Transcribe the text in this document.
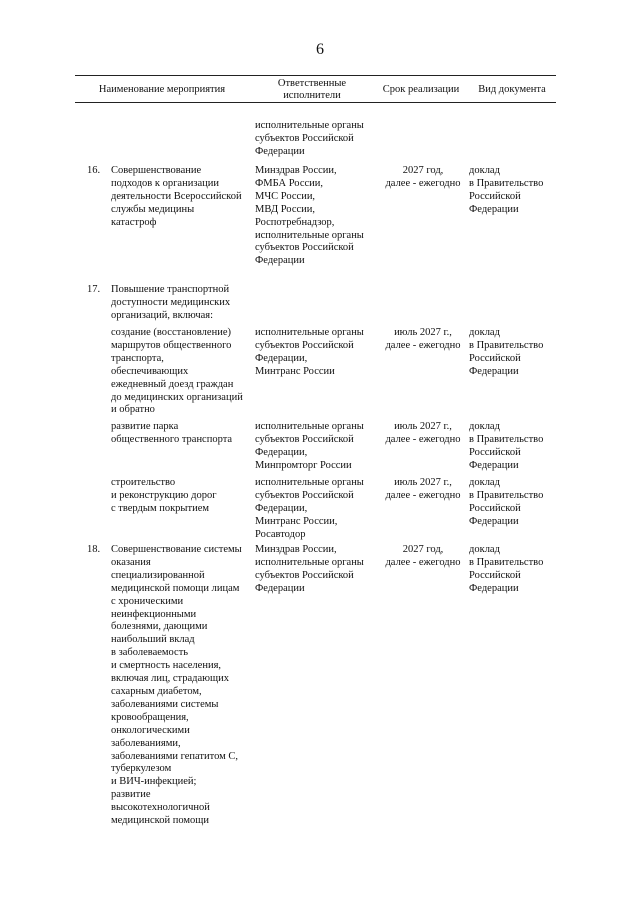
6
Наименование мероприятия
Ответственные
исполнители
Срок реализации	Вид документа
исполнительные органы
субъектов Российской
Федерации
16. Совершенствование
подходов к организации
деятельности Всероссийской
службы медицины
катастроф
Минздрав России,
ФМБА России,
МЧС России,
МВД России,
Роспотребнадзор,
исполнительные органы
субъектов Российской
Федерации
2027 год,
далее - ежегодно
доклад
в Правительство
Российской
Федерации
17. Повышение транспортной
доступности медицинских
организаций, включая:
создание (восстановление)
маршрутов общественного
транспорта,
обеспечивающих
ежедневный доезд граждан
до медицинских организаций
и обратно
исполнительные органы
субъектов Российской
Федерации,
Минтранс России
июль 2027 г.,
далее - ежегодно
доклад
в Правительство
Российской
Федерации
развитие парка
общественного транспорта
исполнительные органы
субъектов Российской
Федерации,
Минпромторг России
июль 2027 г.,
далее - ежегодно
доклад
в Правительство
Российской
Федерации
строительство
и реконструкцию дорог
с твердым покрытием
исполнительные органы
субъектов Российской
Федерации,
Минтранс России,
Росавтодор
июль 2027 г.,
далее - ежегодно
доклад
в Правительство
Российской
Федерации
18. Совершенствование системы
оказания
специализированной
медицинской помощи лицам
с хроническими
неинфекционными
болезнями, дающими
наибольший вклад
в заболеваемость
и смертность населения,
включая лиц, страдающих
сахарным диабетом,
заболеваниями системы
кровообращения,
онкологическими
заболеваниями,
заболеваниями гепатитом С,
туберкулезом
и ВИЧ-инфекцией;
развитие
высокотехнологичной
медицинской помощи
Минздрав России,
исполнительные органы
субъектов Российской
Федерации
2027 год,
далее - ежегодно
доклад
в Правительство
Российской
Федерации
